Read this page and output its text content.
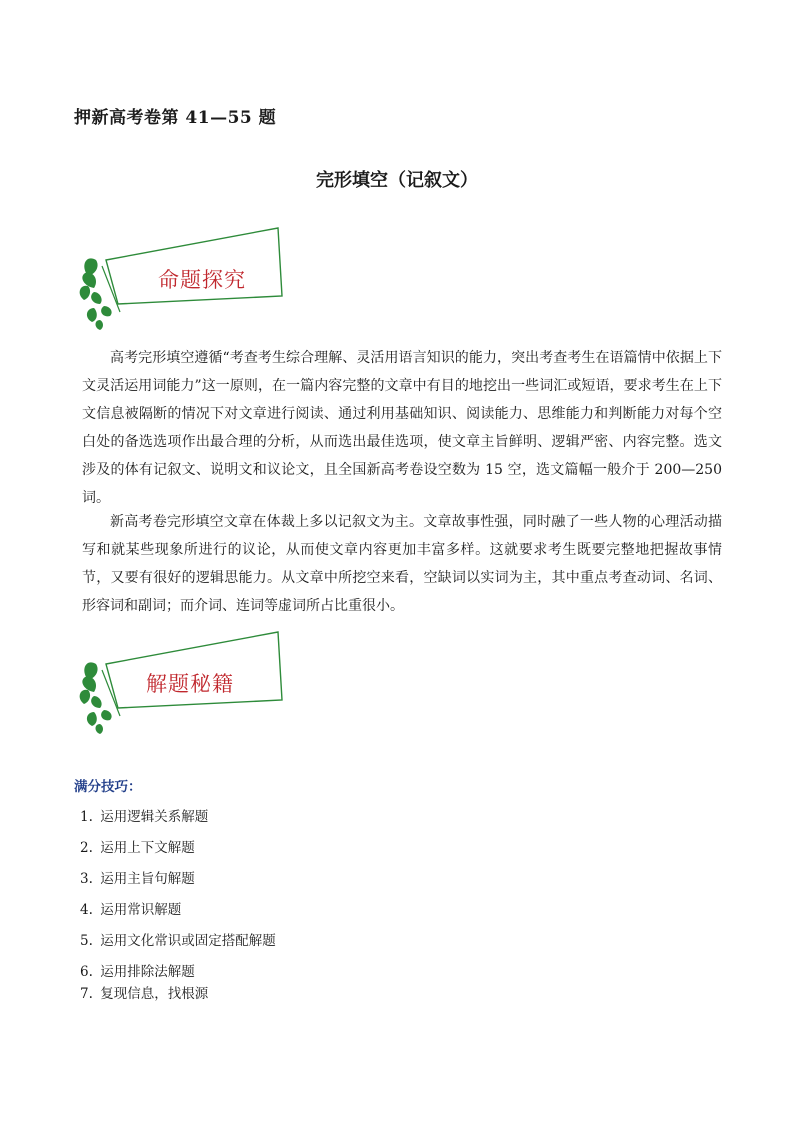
押新高考卷第 41—55 题
完形填空（记叙文）
命题探究

高考完形填空遵循“考查考生综合理解、灵活用语言知识的能力，突出考查考生在语篇情中依据上下文灵活运用词能力”这一原则，在一篇内容完整的文章中有目的地挖出一些词汇或短语，要求考生在上下文信息被隔断的情况下对文章进行阅读、通过利用基础知识、阅读能力、思维能力和判断能力对每个空白处的备选选项作出最合理的分析，从而选出最佳选项，使文章主旨鲜明、逻辑严密、内容完整。选文涉及的体有记叙文、说明文和议论文，且全国新高考卷设空数为 15 空，选文篇幅一般介于 200—250 词。

新高考卷完形填空文章在体裁上多以记叙文为主。文章故事性强，同时融了一些人物的心理活动描写和就某些现象所进行的议论，从而使文章内容更加丰富多样。这就要求考生既要完整地把握故事情节，又要有很好的逻辑思能力。从文章中所挖空来看，空缺词以实词为主，其中重点考查动词、名词、形容词和副词；而介词、连词等虚词所占比重很小。

解题秘籍
满分技巧：
1. 运用逻辑关系解题
2. 运用上下文解题
3. 运用主旨句解题
4. 运用常识解题
5. 运用文化常识或固定搭配解题
6. 运用排除法解题
7. 复现信息，找根源
